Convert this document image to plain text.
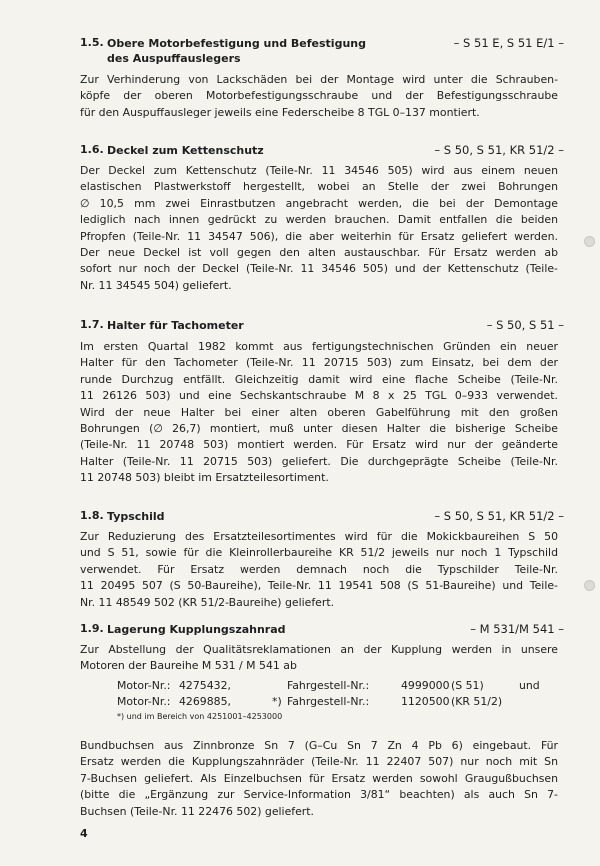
1.5. Obere Motorbefestigung und Befestigung
des Auspuffauslegers
– S 51 E, S 51 E/1 –
Zur Verhinderung von Lackschäden bei der Montage wird unter die Schrauben-
köpfe der oberen Motorbefestigungsschraube und der Befestigungsschraube
für den Auspuffausleger jeweils eine Federscheibe 8 TGL 0–137 montiert.
1.6. Deckel zum Kettenschutz	– S 50, S 51, KR 51/2 –
Der Deckel zum Kettenschutz (Teile-Nr. 11 34546 505) wird aus einem neuen
elastischen Plastwerkstoff hergestellt, wobei an Stelle der zwei Bohrungen
∅ 10,5 mm zwei Einrastbutzen angebracht werden, die bei der Demontage
lediglich nach innen gedrückt zu werden brauchen. Damit entfallen die beiden
Pfropfen (Teile-Nr. 11 34547 506), die aber weiterhin für Ersatz geliefert werden.
Der neue Deckel ist voll gegen den alten austauschbar. Für Ersatz werden ab
sofort nur noch der Deckel (Teile-Nr. 11 34546 505) und der Kettenschutz (Teile-
Nr. 11 34545 504) geliefert.
1.7. Halter für Tachometer	– S 50, S 51 –
Im ersten Quartal 1982 kommt aus fertigungstechnischen Gründen ein neuer
Halter für den Tachometer (Teile-Nr. 11 20715 503) zum Einsatz, bei dem der
runde Durchzug entfällt. Gleichzeitig damit wird eine flache Scheibe (Teile-Nr.
11 26126 503) und eine Sechskantschraube M 8 x 25 TGL 0–933 verwendet.
Wird der neue Halter bei einer alten oberen Gabelführung mit den großen
Bohrungen (∅ 26,7) montiert, muß unter diesen Halter die bisherige Scheibe
(Teile-Nr. 11 20748 503) montiert werden. Für Ersatz wird nur der geänderte
Halter (Teile-Nr. 11 20715 503) geliefert. Die durchgeprägte Scheibe (Teile-Nr.
11 20748 503) bleibt im Ersatzteilesortiment.
1.8. Typschild	– S 50, S 51, KR 51/2 –
Zur Reduzierung des Ersatzteilesortimentes wird für die Mokickbaureihen S 50
und S 51, sowie für die Kleinrollerbaureihe KR 51/2 jeweils nur noch 1 Typschild
verwendet. Für Ersatz werden demnach noch die Typschilder Teile-Nr.
11 20495 507 (S 50-Baureihe), Teile-Nr. 11 19541 508 (S 51-Baureihe) und Teile-
Nr. 11 48549 502 (KR 51/2-Baureihe) geliefert.
1.9. Lagerung Kupplungszahnrad	– M 531/M 541 –
Zur Abstellung der Qualitätsreklamationen an der Kupplung werden in unsere
Motoren der Baureihe M 531 / M 541 ab
Motor-Nr.: 4275432,	Fahrgestell-Nr.:	4999000 (S 51)	und
Motor-Nr.: 4269885,	*) Fahrgestell-Nr.:	1120500 (KR 51/2)
*) und im Bereich von 4251001–4253000
Bundbuchsen aus Zinnbronze Sn 7 (G–Cu Sn 7 Zn 4 Pb 6) eingebaut. Für
Ersatz werden die Kupplungszahnräder (Teile-Nr. 11 22407 507) nur noch mit Sn
7-Buchsen geliefert. Als Einzelbuchsen für Ersatz werden sowohl Graugußbuchsen
(bitte die „Ergänzung zur Service-Information 3/81“ beachten) als auch Sn 7-
Buchsen (Teile-Nr. 11 22476 502) geliefert.
4
